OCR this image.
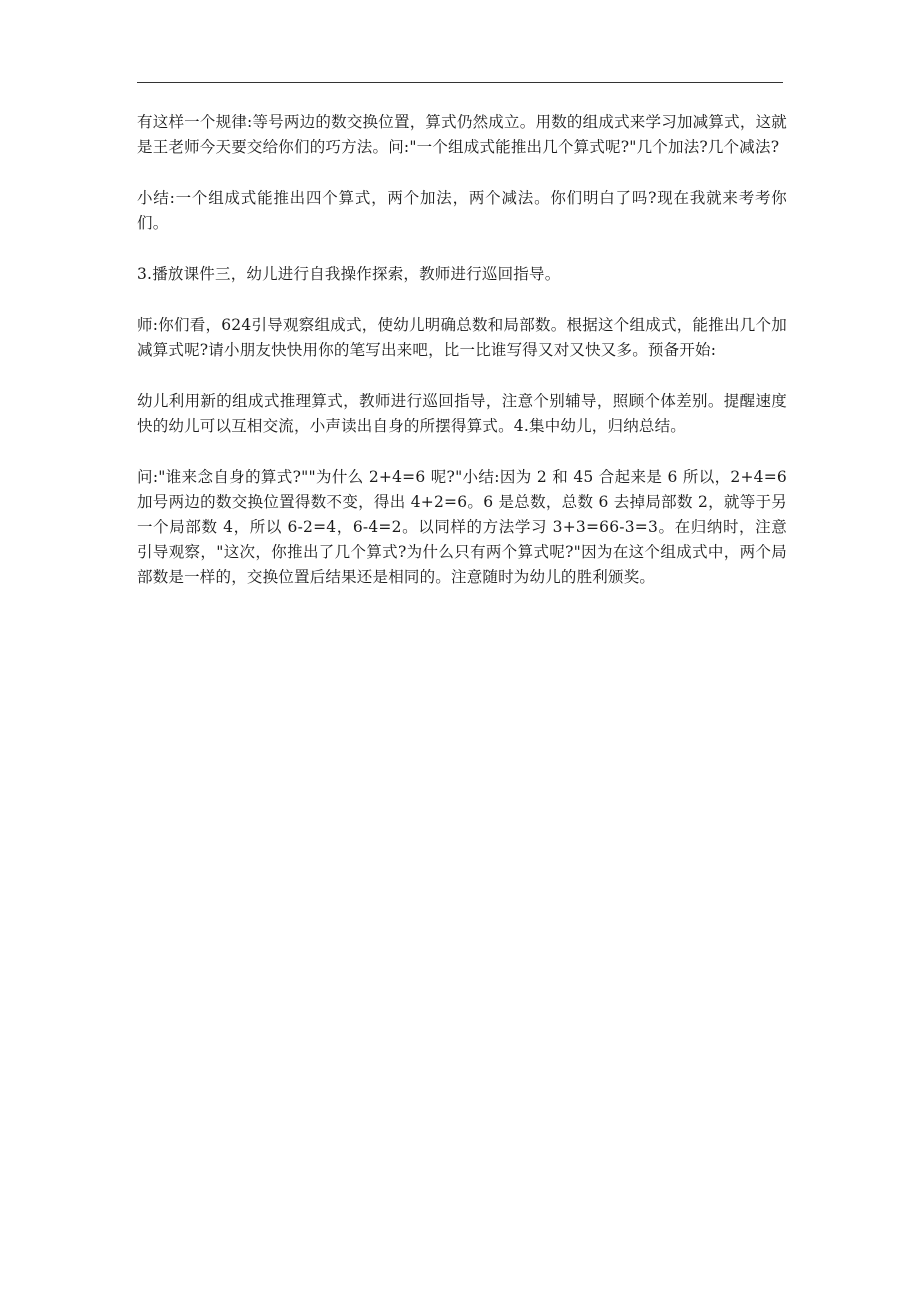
有这样一个规律:等号两边的数交换位置，算式仍然成立。用数的组成式来学习加减算式，这就是王老师今天要交给你们的巧方法。问:"一个组成式能推出几个算式呢?"几个加法?几个减法?

小结:一个组成式能推出四个算式，两个加法，两个减法。你们明白了吗?现在我就来考考你们。

3.播放课件三，幼儿进行自我操作探索，教师进行巡回指导。

师:你们看，624引导观察组成式，使幼儿明确总数和局部数。根据这个组成式，能推出几个加减算式呢?请小朋友快快用你的笔写出来吧，比一比谁写得又对又快又多。预备开始:

幼儿利用新的组成式推理算式，教师进行巡回指导，注意个别辅导，照顾个体差别。提醒速度快的幼儿可以互相交流，小声读出自身的所摆得算式。4.集中幼儿，归纳总结。

问:"谁来念自身的算式?""为什么 2+4=6 呢?"小结:因为 2 和 45 合起来是 6 所以，2+4=6 加号两边的数交换位置得数不变，得出 4+2=6。6 是总数，总数 6 去掉局部数 2，就等于另一个局部数 4，所以 6-2=4，6-4=2。以同样的方法学习 3+3=66-3=3。在归纳时，注意引导观察，"这次，你推出了几个算式?为什么只有两个算式呢?"因为在这个组成式中，两个局部数是一样的，交换位置后结果还是相同的。注意随时为幼儿的胜利颁奖。
